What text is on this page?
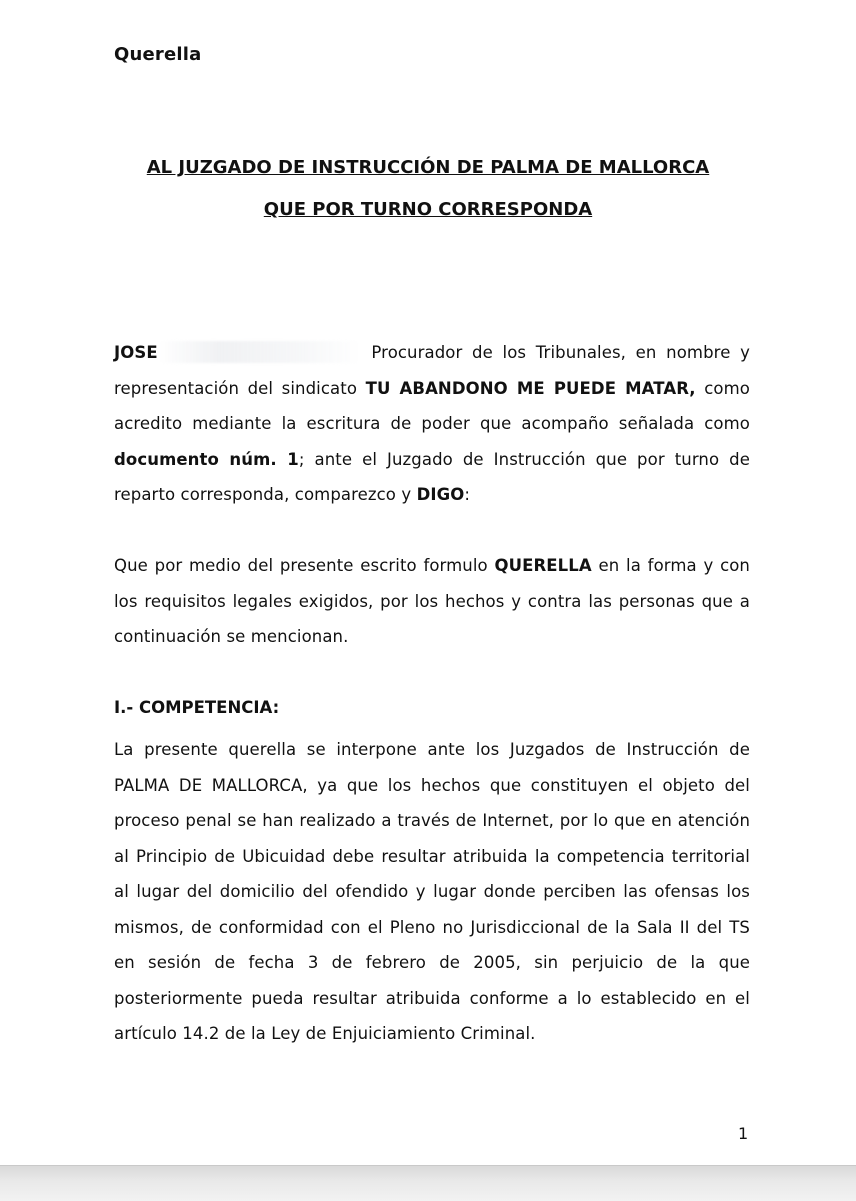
Querella
AL JUZGADO DE INSTRUCCIÓN DE PALMA DE MALLORCA
QUE POR TURNO CORRESPONDA

JOSE	Procurador de los Tribunales, en nombre y representación del sindicato TU ABANDONO ME PUEDE MATAR, como acredito mediante la escritura de poder que acompaño señalada como documento núm. 1; ante el Juzgado de Instrucción que por turno de reparto corresponda, comparezco y DIGO:

Que por medio del presente escrito formulo QUERELLA en la forma y con los requisitos legales exigidos, por los hechos y contra las personas que a continuación se mencionan.

I.- COMPETENCIA:

La presente querella se interpone ante los Juzgados de Instrucción de PALMA DE MALLORCA, ya que los hechos que constituyen el objeto del proceso penal se han realizado a través de Internet, por lo que en atención al Principio de Ubicuidad debe resultar atribuida la competencia territorial al lugar del domicilio del ofendido y lugar donde perciben las ofensas los mismos, de conformidad con el Pleno no Jurisdiccional de la Sala II del TS en sesión de fecha 3 de febrero de 2005, sin perjuicio de la que posteriormente pueda resultar atribuida conforme a lo establecido en el artículo 14.2 de la Ley de Enjuiciamiento Criminal.

1
